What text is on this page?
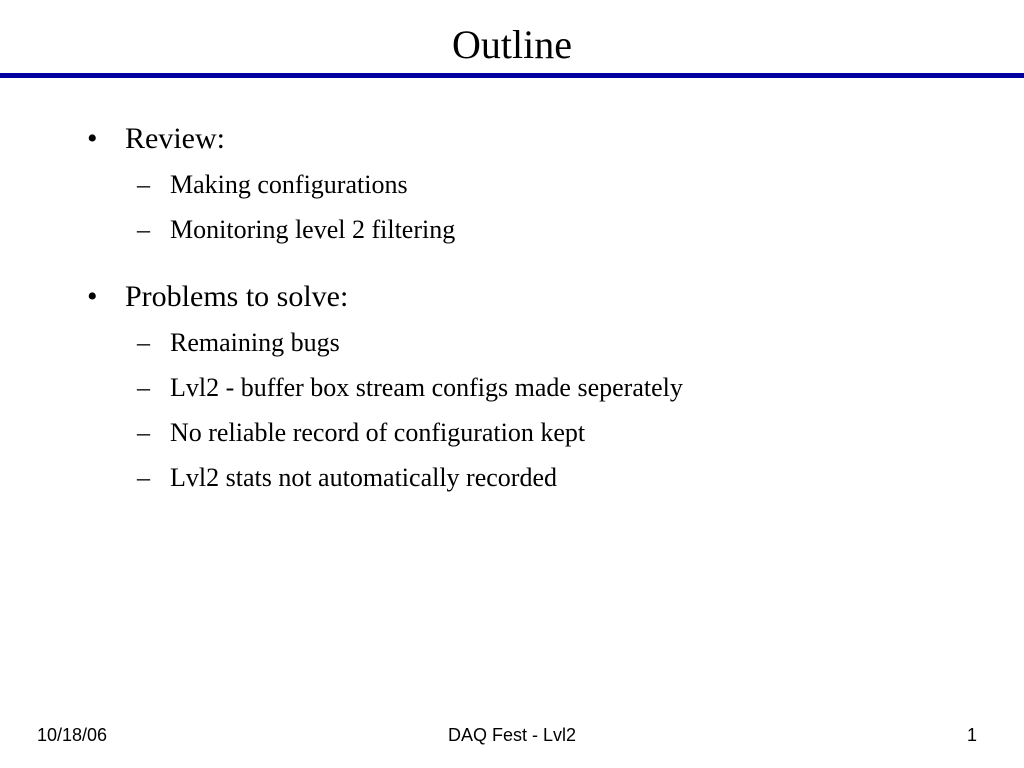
Outline
• Review:
– Making configurations
– Monitoring level 2 filtering
• Problems to solve:
– Remaining bugs
– Lvl2 - buffer box stream configs made seperately
– No reliable record of configuration kept
– Lvl2 stats not automatically recorded
10/18/06	DAQ Fest - Lvl2	1
